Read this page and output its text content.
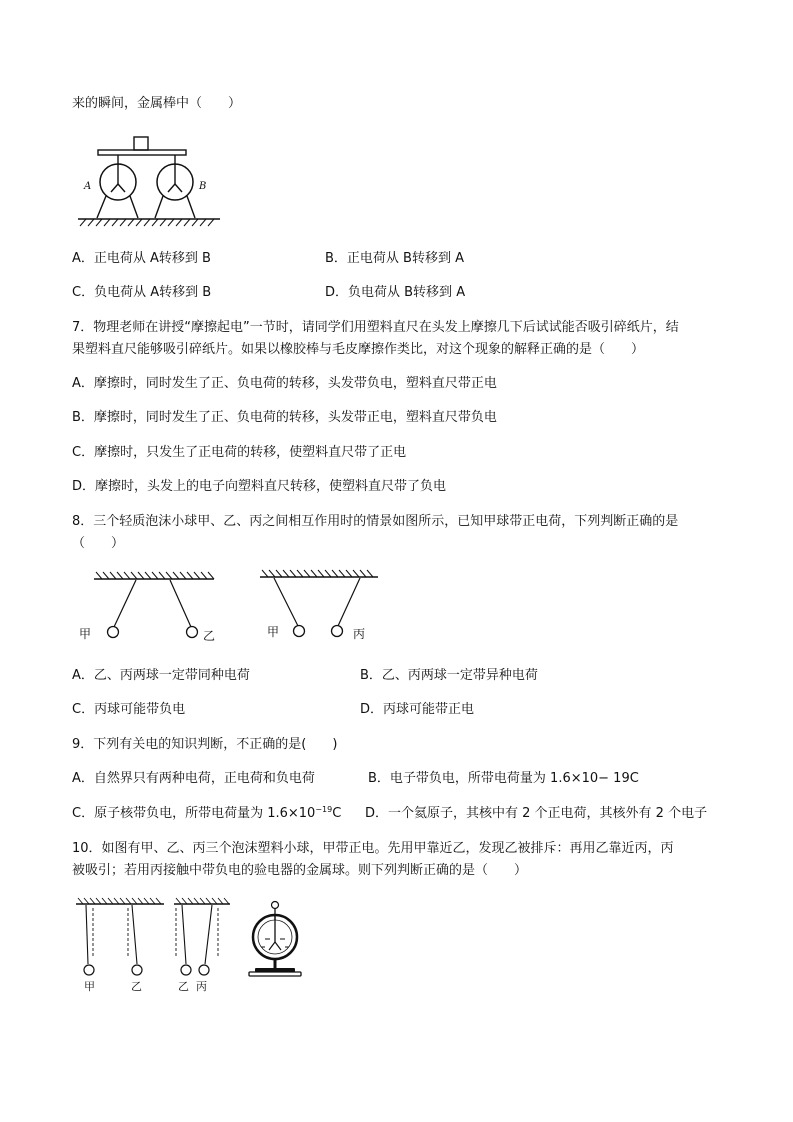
来的瞬间，金属棒中（　　）
A	B
A．正电荷从 A转移到 B	B．正电荷从 B转移到 A
C．负电荷从 A转移到 B	D．负电荷从 B转移到 A
7．物理老师在讲授“摩擦起电”一节时，请同学们用塑料直尺在头发上摩擦几下后试试能否吸引碎纸片，结
果塑料直尺能够吸引碎纸片。如果以橡胶棒与毛皮摩擦作类比，对这个现象的解释正确的是（　　）
A．摩擦时，同时发生了正、负电荷的转移，头发带负电，塑料直尺带正电
B．摩擦时，同时发生了正、负电荷的转移，头发带正电，塑料直尺带负电
C．摩擦时，只发生了正电荷的转移，使塑料直尺带了正电
D．摩擦时，头发上的电子向塑料直尺转移，使塑料直尺带了负电
8．三个轻质泡沫小球甲、乙、丙之间相互作用时的情景如图所示，已知甲球带正电荷，下列判断正确的是
（　　）
甲	乙	甲	丙
A．乙、丙两球一定带同种电荷	B．乙、丙两球一定带异种电荷
C．丙球可能带负电	D．丙球可能带正电
9．下列有关电的知识判断，不正确的是(　　)
A．自然界只有两种电荷，正电荷和负电荷	B．电子带负电，所带电荷量为 1.6×10− 19C
C．原子核带负电，所带电荷量为 $1.6\times 10^{-19}C$ D．一个氦原子，其核中有 2 个正电荷，其核外有 2 个电子
10．如图有甲、乙、丙三个泡沫塑料小球，甲带正电。先用甲靠近乙，发现乙被排斥：再用乙靠近丙，丙
被吸引；若用丙接触中带负电的验电器的金属球。则下列判断正确的是（　　）
甲	乙	乙 丙
